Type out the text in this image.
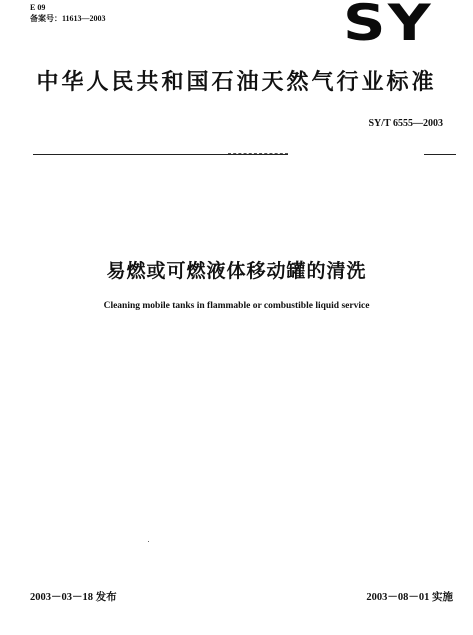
E 09
备案号：11613—2003	SY
中华人民共和国石油天然气行业标准
SY/T 6555—2003
易燃或可燃液体移动罐的清洗
Cleaning mobile tanks in flammable or combustible liquid service
2003－03－18 发布	2003－08－01 实施
